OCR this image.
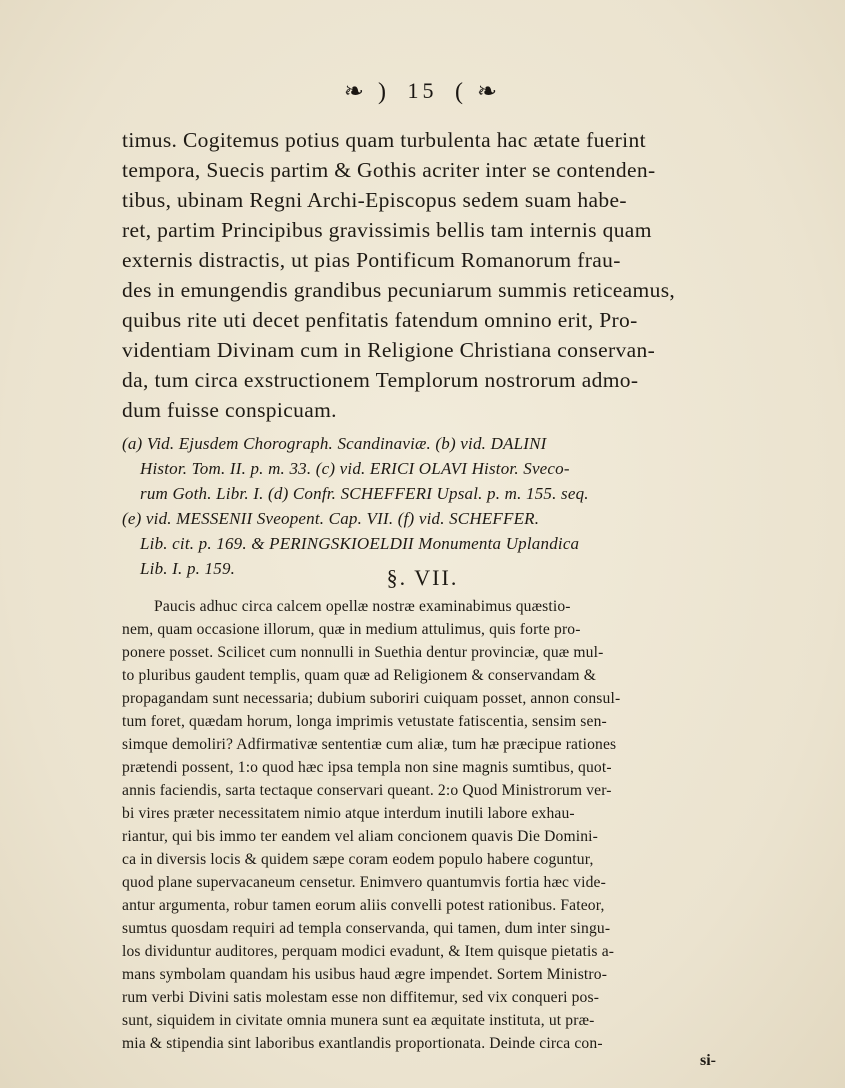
❧ ) 15 ( ❧
timus. Cogitemus potius quam turbulenta hac ætate fuerint
tempora, Suecis partim & Gothis acriter inter se contenden-
tibus, ubinam Regni Archi-Episcopus sedem suam habe-
ret, partim Principibus gravissimis bellis tam internis quam
externis distractis, ut pias Pontificum Romanorum frau-
des in emungendis grandibus pecuniarum summis reticeamus,
quibus rite uti decet penfitatis fatendum omnino erit, Pro-
videntiam Divinam cum in Religione Christiana conservan-
da, tum circa exstructionem Templorum nostrorum admo-
dum fuisse conspicuam.
(a) Vid. Ejusdem Chorograph. Scandinaviæ. (b) vid. DALINI
Histor. Tom. II. p. m. 33. (c) vid. ERICI OLAVI Histor. Sveco-
rum Goth. Libr. I. (d) Confr. SCHEFFERI Upsal. p. m. 155. seq.
(e) vid. MESSENII Sveopent. Cap. VII. (f) vid. SCHEFFER.
Lib. cit. p. 169. & PERINGSKIOELDII Monumenta Uplandica
Lib. I. p. 159.	§. VII.
Paucis adhuc circa calcem opellæ nostræ examinabimus quæstio-
nem, quam occasione illorum, quæ in medium attulimus, quis forte pro-
ponere posset. Scilicet cum nonnulli in Suethia dentur provinciæ, quæ mul-
to pluribus gaudent templis, quam quæ ad Religionem & conservandam &
propagandam sunt necessaria; dubium suboriri cuiquam posset, annon consul-
tum foret, quædam horum, longa imprimis vetustate fatiscentia, sensim sen-
simque demoliri? Adfirmativæ sententiæ cum aliæ, tum hæ præcipue rationes
prætendi possent, 1:o quod hæc ipsa templa non sine magnis sumtibus, quot-
annis faciendis, sarta tectaque conservari queant. 2:o Quod Ministrorum ver-
bi vires præter necessitatem nimio atque interdum inutili labore exhau-
riantur, qui bis immo ter eandem vel aliam concionem quavis Die Domini-
ca in diversis locis & quidem sæpe coram eodem populo habere coguntur,
quod plane supervacaneum censetur. Enimvero quantumvis fortia hæc vide-
antur argumenta, robur tamen eorum aliis convelli potest rationibus. Fateor,
sumtus quosdam requiri ad templa conservanda, qui tamen, dum inter singu-
los dividuntur auditores, perquam modici evadunt, & Item quisque pietatis a-
mans symbolam quandam his usibus haud ægre impendet. Sortem Ministro-
rum verbi Divini satis molestam esse non diffitemur, sed vix conqueri pos-
sunt, siquidem in civitate omnia munera sunt ea æquitate instituta, ut præ-
mia & stipendia sint laboribus exantlandis proportionata. Deinde circa con-
si-
